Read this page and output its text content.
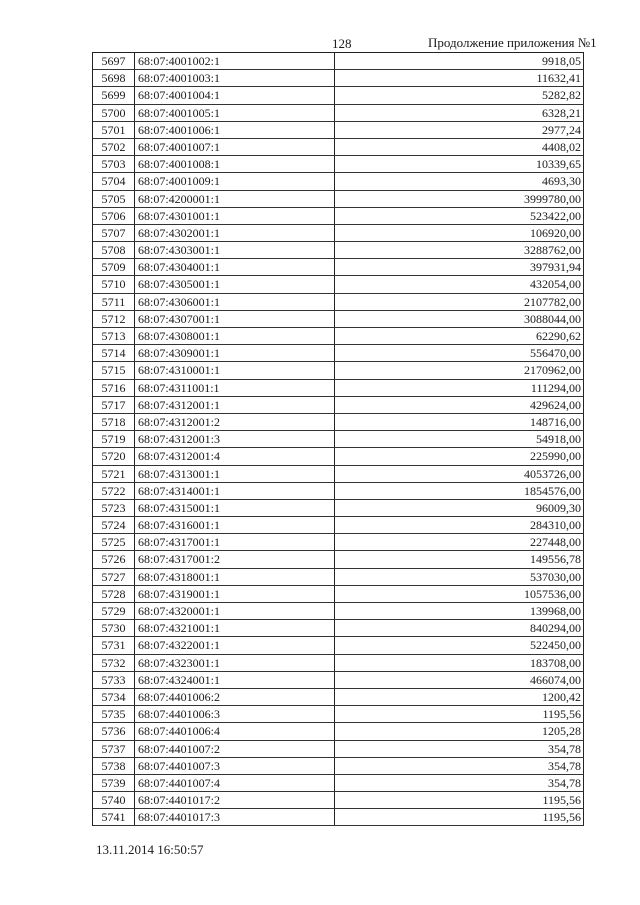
128	Продолжение приложения №1
5697	68:07:4001002:1	9918,05
5698	68:07:4001003:1	11632,41
5699	68:07:4001004:1	5282,82
5700	68:07:4001005:1	6328,21
5701	68:07:4001006:1	2977,24
5702	68:07:4001007:1	4408,02
5703	68:07:4001008:1	10339,65
5704	68:07:4001009:1	4693,30
5705	68:07:4200001:1	3999780,00
5706	68:07:4301001:1	523422,00
5707	68:07:4302001:1	106920,00
5708	68:07:4303001:1	3288762,00
5709	68:07:4304001:1	397931,94
5710	68:07:4305001:1	432054,00
5711	68:07:4306001:1	2107782,00
5712	68:07:4307001:1	3088044,00
5713	68:07:4308001:1	62290,62
5714	68:07:4309001:1	556470,00
5715	68:07:4310001:1	2170962,00
5716	68:07:4311001:1	111294,00
5717	68:07:4312001:1	429624,00
5718	68:07:4312001:2	148716,00
5719	68:07:4312001:3	54918,00
5720	68:07:4312001:4	225990,00
5721	68:07:4313001:1	4053726,00
5722	68:07:4314001:1	1854576,00
5723	68:07:4315001:1	96009,30
5724	68:07:4316001:1	284310,00
5725	68:07:4317001:1	227448,00
5726	68:07:4317001:2	149556,78
5727	68:07:4318001:1	537030,00
5728	68:07:4319001:1	1057536,00
5729	68:07:4320001:1	139968,00
5730	68:07:4321001:1	840294,00
5731	68:07:4322001:1	522450,00
5732	68:07:4323001:1	183708,00
5733	68:07:4324001:1	466074,00
5734	68:07:4401006:2	1200,42
5735	68:07:4401006:3	1195,56
5736	68:07:4401006:4	1205,28
5737	68:07:4401007:2	354,78
5738	68:07:4401007:3	354,78
5739	68:07:4401007:4	354,78
5740	68:07:4401017:2	1195,56
5741	68:07:4401017:3	1195,56
13.11.2014 16:50:57
